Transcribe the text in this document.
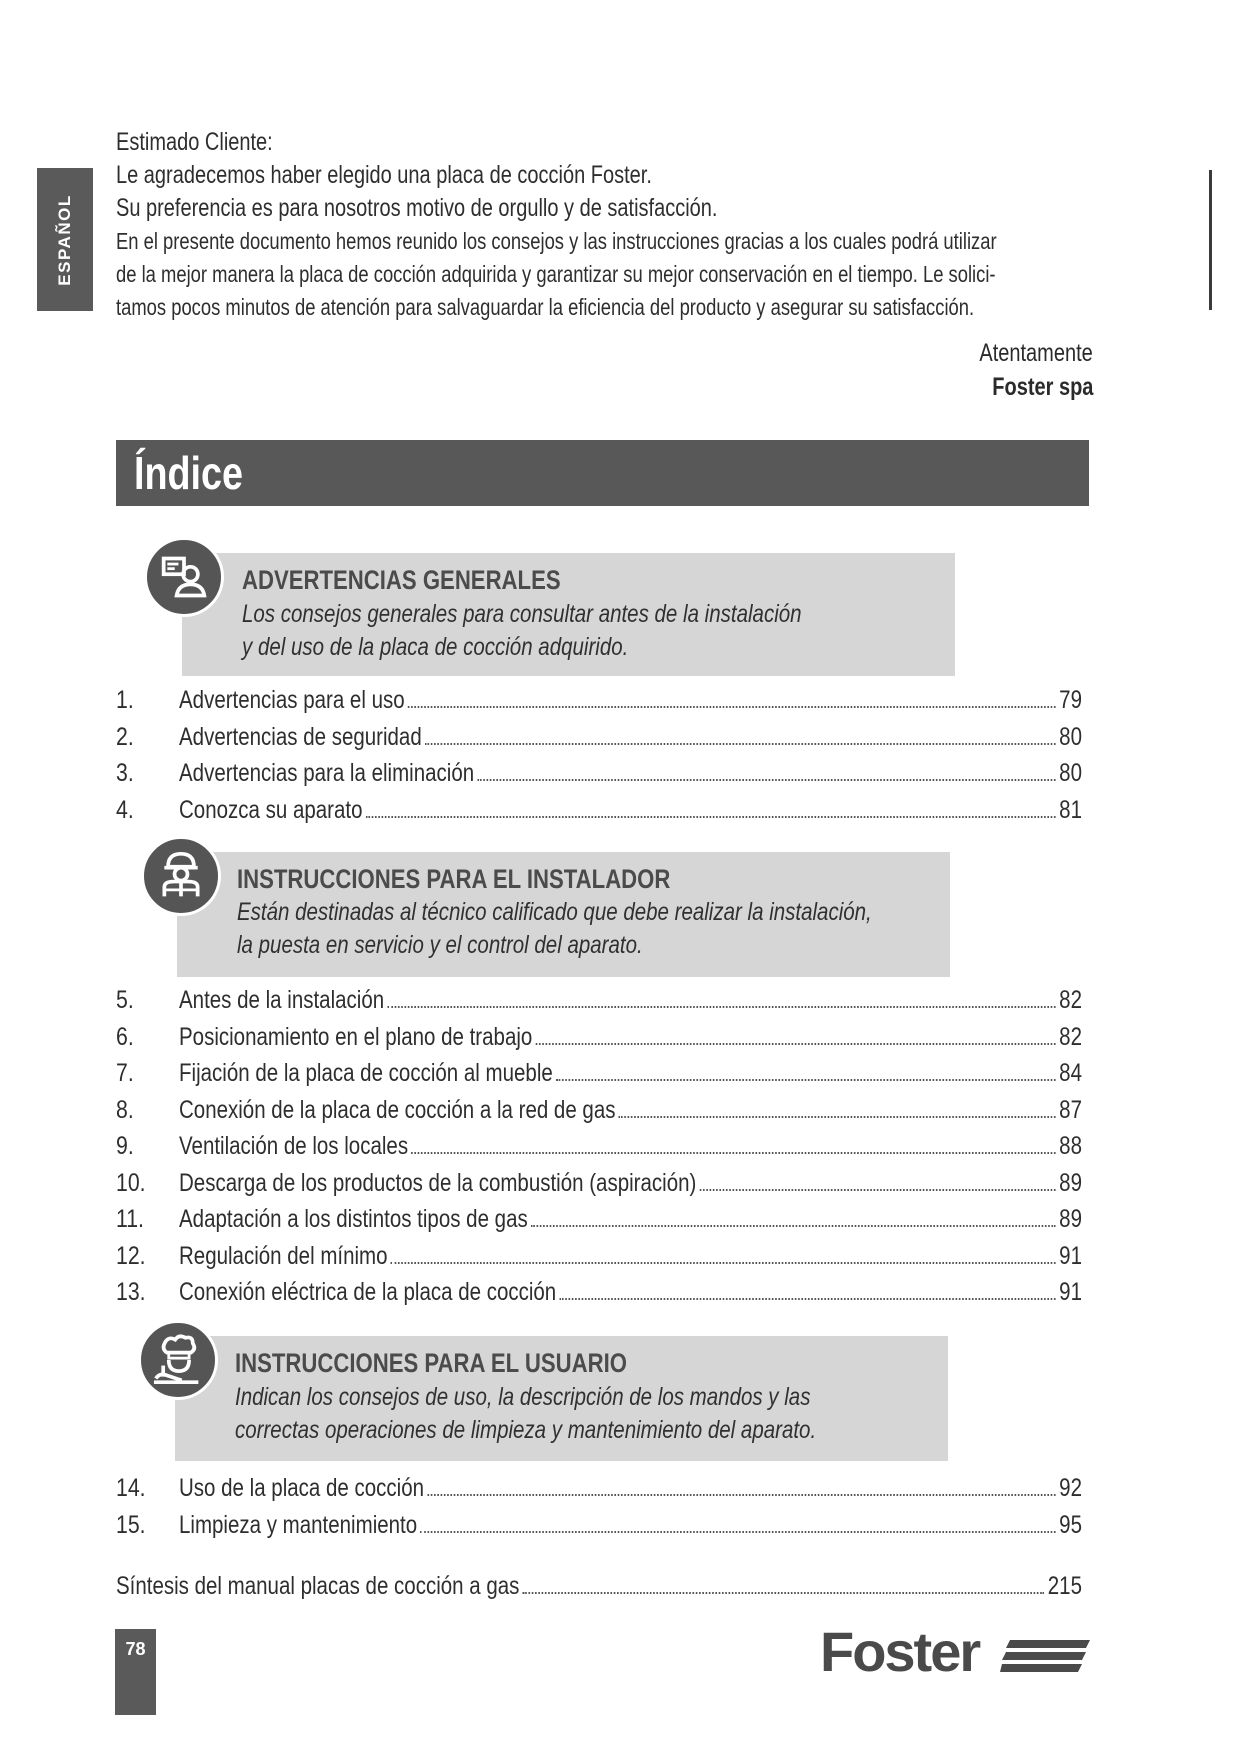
ESPAÑOL
Estimado Cliente:
Le agradecemos haber elegido una placa de cocción Foster.
Su preferencia es para nosotros motivo de orgullo y de satisfacción.
En el presente documento hemos reunido los consejos y las instrucciones gracias a los cuales podrá utilizar
de la mejor manera la placa de cocción adquirida y garantizar su mejor conservación en el tiempo. Le solici-
tamos pocos minutos de atención para salvaguardar la eficiencia del producto y asegurar su satisfacción.
Atentamente
Foster spa
Índice
ADVERTENCIAS GENERALES
Los consejos generales para consultar antes de la instalación
y del uso de la placa de cocción adquirido.
1. Advertencias para el uso	79
2. Advertencias de seguridad	80
3. Advertencias para la eliminación	80
4. Conozca su aparato	81
INSTRUCCIONES PARA EL INSTALADOR
Están destinadas al técnico calificado que debe realizar la instalación,
la puesta en servicio y el control del aparato.
5. Antes de la instalación	82
6. Posicionamiento en el plano de trabajo	82
7. Fijación de la placa de cocción al mueble	84
8. Conexión de la placa de cocción a la red de gas	87
9. Ventilación de los locales	88
10. Descarga de los productos de la combustión (aspiración)	89
11. Adaptación a los distintos tipos de gas	89
12. Regulación del mínimo	91
13. Conexión eléctrica de la placa de cocción	91
INSTRUCCIONES PARA EL USUARIO
Indican los consejos de uso, la descripción de los mandos y las
correctas operaciones de limpieza y mantenimiento del aparato.
14. Uso de la placa de cocción	92
15. Limpieza y mantenimiento	95
Síntesis del manual placas de cocción a gas	215
78	Foster
